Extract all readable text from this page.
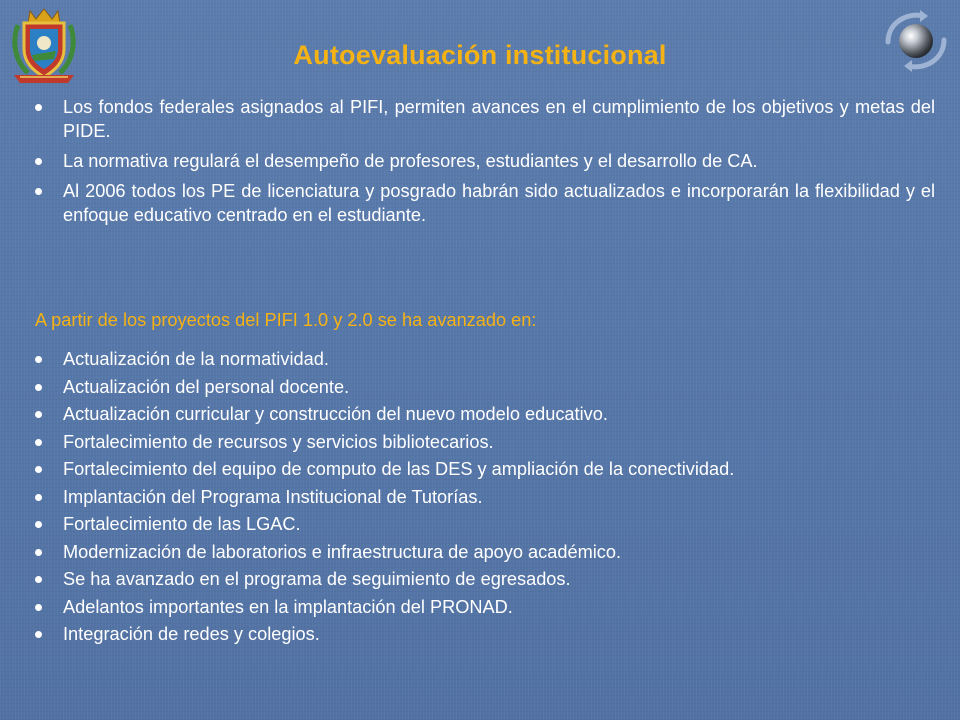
Autoevaluación institucional
Los fondos federales asignados al PIFI, permiten avances en el cumplimiento de los objetivos y metas del PIDE.
La normativa regulará el desempeño de profesores, estudiantes y el desarrollo de CA.
Al 2006 todos los PE de licenciatura y posgrado habrán sido actualizados e incorporarán la flexibilidad y el enfoque educativo centrado en el estudiante.
A partir de los proyectos del PIFI 1.0 y 2.0 se ha avanzado en:
Actualización de la normatividad.
Actualización del personal docente.
Actualización curricular y construcción del nuevo modelo educativo.
Fortalecimiento de recursos y servicios bibliotecarios.
Fortalecimiento del equipo de computo de las DES y ampliación de la conectividad.
Implantación del Programa Institucional de Tutorías.
Fortalecimiento de las LGAC.
Modernización de laboratorios e infraestructura de apoyo académico.
Se ha avanzado en el programa de seguimiento de egresados.
Adelantos importantes en la implantación del PRONAD.
Integración de redes y colegios.
